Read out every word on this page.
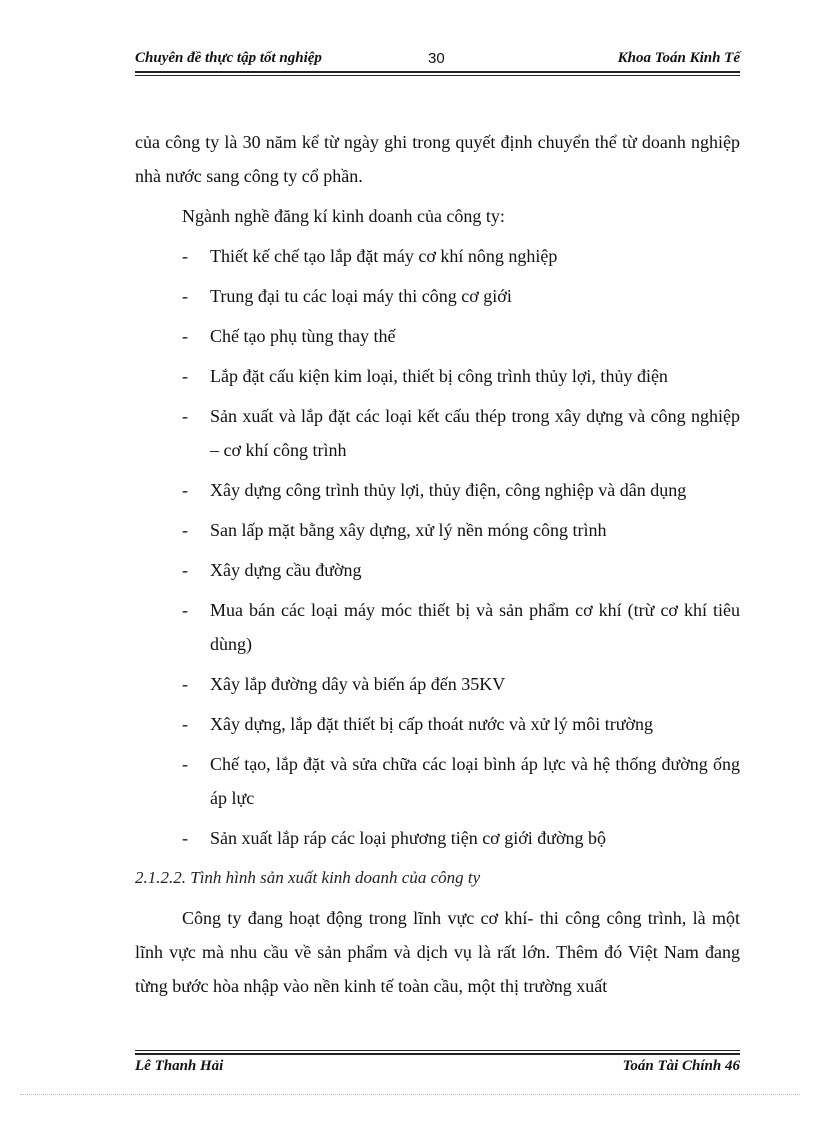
Chuyên đề thực tập tốt nghiệp	30	Khoa Toán Kinh Tế

của công ty là 30 năm kể từ ngày ghi trong quyết định chuyển thể từ doanh nghiệp nhà nước sang công ty cổ phần.

Ngành nghề đăng kí kinh doanh của công ty:

- Thiết kế chế tạo lắp đặt máy cơ khí nông nghiệp
- Trung đại tu các loại máy thi công cơ giới
- Chế tạo phụ tùng thay thế
- Lắp đặt cấu kiện kim loại, thiết bị công trình thủy lợi, thủy điện
- Sản xuất và lắp đặt các loại kết cấu thép trong xây dựng và công nghiệp – cơ khí công trình
- Xây dựng công trình thủy lợi, thủy điện, công nghiệp và dân dụng
- San lấp mặt bằng xây dựng, xử lý nền móng công trình
- Xây dựng cầu đường
- Mua bán các loại máy móc thiết bị và sản phẩm cơ khí (trừ cơ khí tiêu dùng)
- Xây lắp đường dây và biến áp đến 35KV
- Xây dựng, lắp đặt thiết bị cấp thoát nước và xử lý môi trường
- Chế tạo, lắp đặt và sửa chữa các loại bình áp lực và hệ thống đường ống áp lực
- Sản xuất lắp ráp các loại phương tiện cơ giới đường bộ

2.1.2.2. Tình hình sản xuất kinh doanh của công ty

Công ty đang hoạt động trong lĩnh vực cơ khí- thi công công trình, là một lĩnh vực mà nhu cầu về sản phẩm và dịch vụ là rất lớn. Thêm đó Việt Nam đang từng bước hòa nhập vào nền kinh tế toàn cầu, một thị trường xuất

Lê Thanh Hải	Toán Tài Chính 46
